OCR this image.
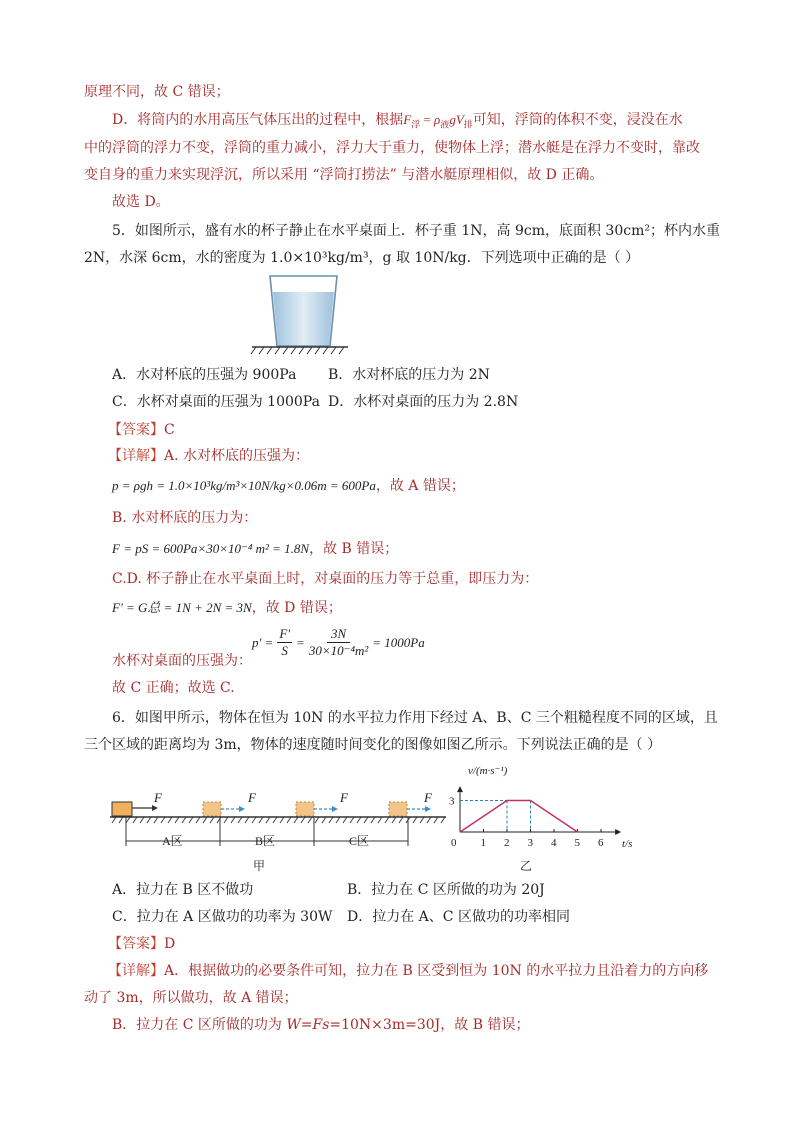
原理不同，故 C 错误；
D．将筒内的水用高压气体压出的过程中，根据$F_浮 = \rho_液gV_排$可知，浮筒的体积不变，浸没在水
中的浮筒的浮力不变，浮筒的重力减小，浮力大于重力，使物体上浮；潜水艇是在浮力不变时，靠改
变自身的重力来实现浮沉，所以采用 “浮筒打捞法” 与潜水艇原理相似，故 D 正确。
故选 D。
5．如图所示，盛有水的杯子静止在水平桌面上．杯子重 1N，高 9cm，底面积 30cm²；杯内水重
2N，水深 6cm，水的密度为 1.0×10³kg/m³，g 取 10N/kg．下列选项中正确的是（ ）
A．水对杯底的压强为 900Pa B．水对杯底的压力为 2N
C．水杯对桌面的压强为 1000Pa D．水杯对桌面的压力为 2.8N
【答案】C
【详解】A. 水对杯底的压强为：
p = ρgh = 1.0×10³kg/m³×10N/kg×0.06m = 600Pa，故 A 错误；
B. 水对杯底的压力为：
F = pS = 600Pa×30×10⁻⁴ m² = 1.8N，故 B 错误；
C.D. 杯子静止在水平桌面上时，对桌面的压力等于总重，即压力为：
F' = G总 = 1N + 2N = 3N，故 D 错误；
$p' = \frac{F'}{S} = \frac{3N}{\text{30×10⁻⁴m²}} = 1000Pa$
水杯对桌面的压强为：
故 C 正确；故选 C.
6．如图甲所示，物体在恒为 10N 的水平拉力作用下经过 A、B、C 三个粗糙程度不同的区域，且
三个区域的距离均为 3m，物体的速度随时间变化的图像如图乙所示。下列说法正确的是（ ）
F	F	F	F
A区	B区	C区
甲
0 1 2 3 4 5 6
3
v/(m·s⁻¹)
t/s
乙
A．拉力在 B 区不做功	B．拉力在 C 区所做的功为 20J
C．拉力在 A 区做功的功率为 30W D．拉力在 A、C 区做功的功率相同
【答案】D
【详解】A．根据做功的必要条件可知，拉力在 B 区受到恒为 10N 的水平拉力且沿着力的方向移
动了 3m，所以做功，故 A 错误；
B．拉力在 C 区所做的功为 W=Fs=10N×3m=30J，故 B 错误；
